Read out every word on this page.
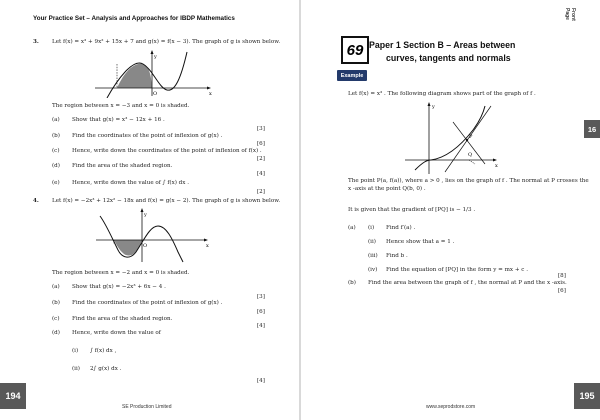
Your Practice Set – Analysis and Approaches for IBDP Mathematics
3. Let f(x) = x³ + 9x² + 15x + 7 and g(x) = f(x − 3). The graph of g is shown below.
y
x
O
The region between x = −3 and x = 0 is shaded.
(a) Show that g(x) = x³ − 12x + 16 .
[3]
(b) Find the coordinates of the point of inflexion of g(x) .
[6]
(c) Hence, write down the coordinates of the point of inflexion of f(x) .
[2]
(d) Find the area of the shaded region.
[4]
(e) Hence, write down the value of ∫ f(x) dx .
[2]
4. Let f(x) = −2x³ + 12x² − 18x and f(x) = g(x − 2). The graph of g is shown below.
y
x
O
The region between x = −2 and x = 0 is shaded.
(a) Show that g(x) = −2x³ + 6x − 4 .
[3]
(b) Find the coordinates of the point of inflexion of g(x) .
[6]
(c) Find the area of the shaded region.
[4]
(d) Hence, write down the value of
(i) ∫ f(x) dx ,
(ii) 2∫ g(x) dx .
[4]
194
SE Production Limited
Front Page
69 Paper 1 Section B – Areas between
curves, tangents and normals
Example
Let f(x) = x³ . The following diagram shows part of the graph of f .
y
x
Q
P
16
The point P(a, f(a)), where a > 0 , lies on the graph of f . The normal at P crosses the
x -axis at the point Q(b, 0) .
It is given that the gradient of [PQ] is − 1/3 .
(a) (i) Find f′(a) .
(ii) Hence show that a = 1 .
(iii) Find b .
(iv) Find the equation of [PQ] in the form y = mx + c .
[8]
(b) Find the area between the graph of f , the normal at P and the x -axis.
[6]
195
www.seprodstore.com
